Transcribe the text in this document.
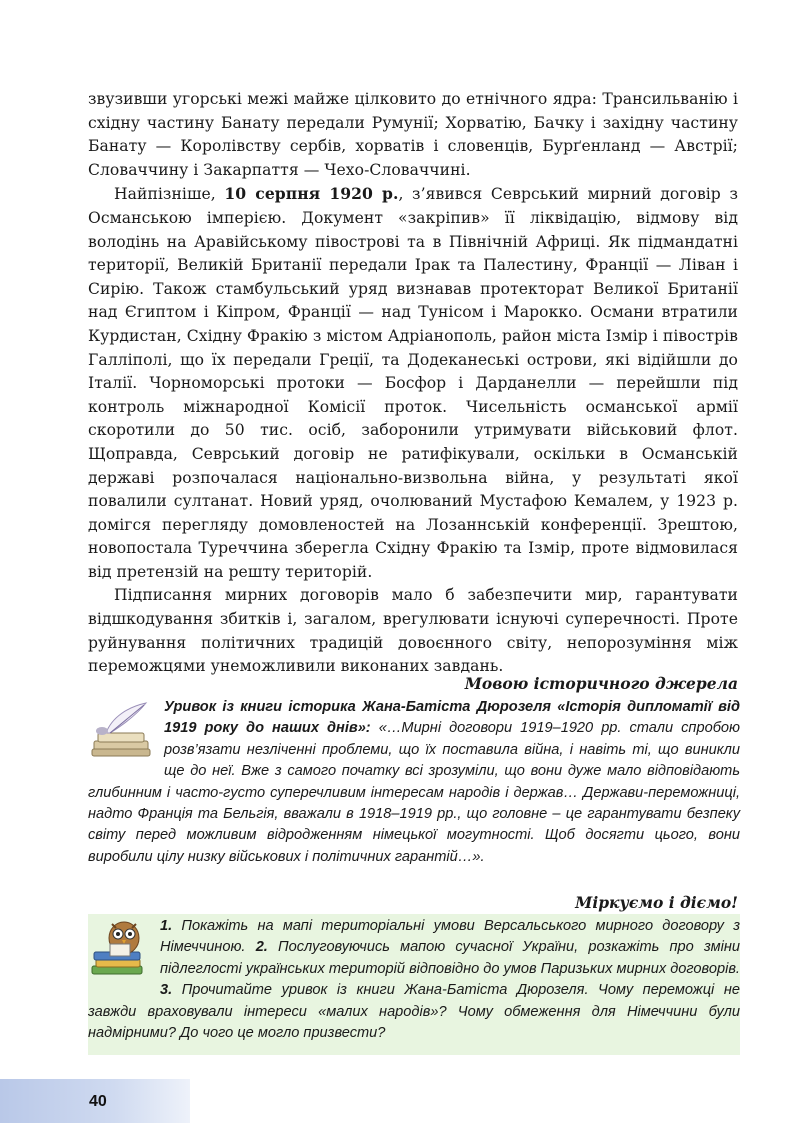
звузивши угорські межі майже цілковито до етнічного ядра: Трансильванію і східну частину Банату передали Румунії; Хорватію, Бачку і західну частину Банату — Королівству сербів, хорватів і словенців, Бурґенланд — Австрії; Словаччину і Закарпаття — Чехо-Словаччині.

Найпізніше, 10 серпня 1920 р., з’явився Севрський мирний договір з Османською імперією. Документ «закріпив» її ліквідацію, відмову від володінь на Аравійському півострові та в Північній Африці. Як підмандатні території, Великій Британії передали Ірак та Палестину, Франції — Ліван і Сирію. Також стамбульський уряд визнавав протекторат Великої Британії над Єгиптом і Кіпром, Франції — над Тунісом і Марокко. Османи втратили Курдистан, Східну Фракію з містом Адріанополь, район міста Ізмір і півострів Галліполі, що їх передали Греції, та Додеканеські острови, які відійшли до Італії. Чорноморські протоки — Босфор і Дарданелли — перейшли під контроль міжнародної Комісії проток. Чисельність османської армії скоротили до 50 тис. осіб, заборонили утримувати військовий флот. Щоправда, Севрський договір не ратифікували, оскільки в Османській державі розпочалася національно-визвольна війна, у результаті якої повалили султанат. Новий уряд, очолюваний Мустафою Кемалем, у 1923 р. домігся перегляду домовленостей на Лозаннській конференції. Зрештою, новопостала Туреччина зберегла Східну Фракію та Ізмір, проте відмовилася від претензій на решту територій.

Підписання мирних договорів мало б забезпечити мир, гарантувати відшкодування збитків і, загалом, врегулювати існуючі суперечності. Проте руйнування політичних традицій довоєнного світу, непорозуміння між переможцями унеможливили виконаних завдань.

Мовою історичного джерела
Уривок із книги історика Жана-Батіста Дюрозеля «Історія дипломатії від 1919 року до наших днів»: «…Мирні договори 1919–1920 рр. стали спробою розв’язати незліченні проблеми, що їх поставила війна, і навіть ті, що виникли ще до неї. Вже з самого початку всі зрозуміли, що вони дуже мало відповідають глибинним і часто-густо суперечливим інтересам народів і держав… Держави-переможниці, надто Франція та Бельгія, вважали в 1918–1919 рр., що головне – це гарантувати безпеку світу перед можливим відродженням німецької могутності. Щоб досягти цього, вони виробили цілу низку військових і політичних гарантій…».
Міркуємо і діємо!
1. Покажіть на мапі територіальні умови Версальського мирного договору з Німеччиною. 2. Послуговуючись мапою сучасної України, розкажіть про зміни підлеглості українських територій відповідно до умов Паризьких мирних договорів. 3. Прочитайте уривок із книги Жана-Батіста Дюрозеля. Чому переможці не завжди враховували інтереси «малих народів»? Чому обмеження для Німеччини були надмірними? До чого це могло призвести?
40
